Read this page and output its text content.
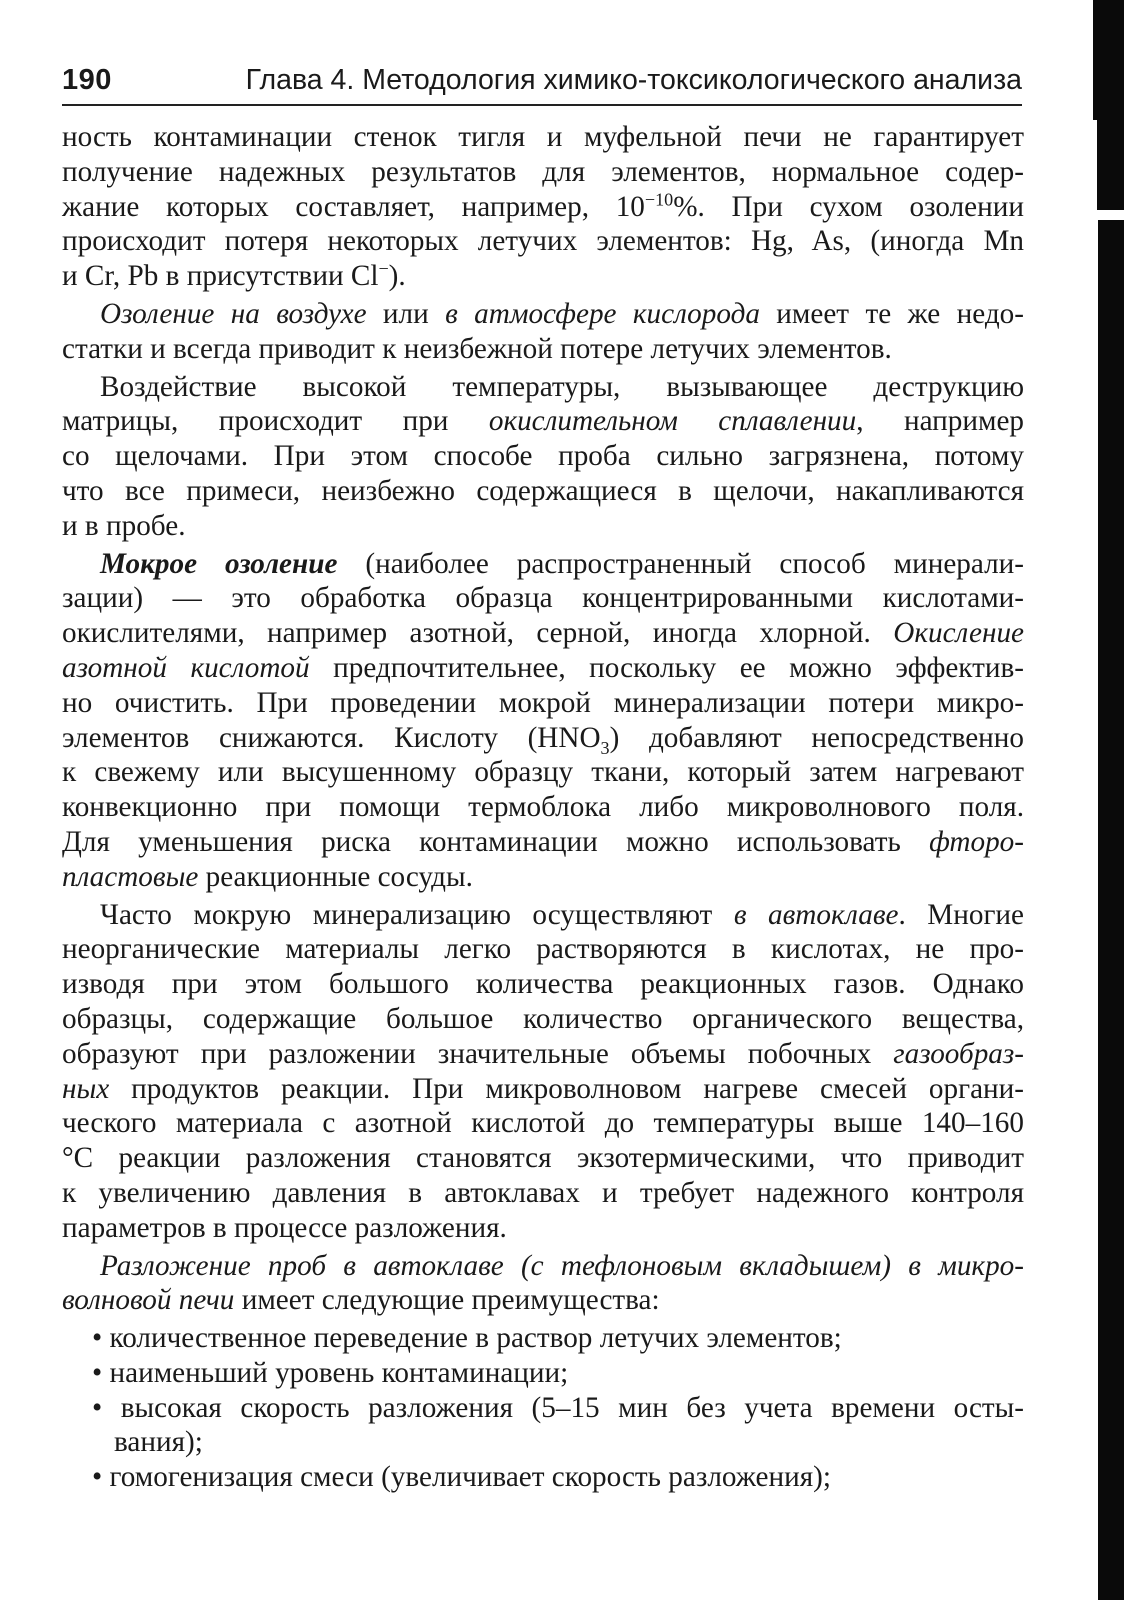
190	Глава 4. Методология химико-токсикологического анализа
ность контаминации стенок тигля и муфельной печи не гарантирует
получение надежных результатов для элементов, нормальное содер-
жание которых составляет, например, $10^{-10}\%$. При сухом озолении
происходит потеря некоторых летучих элементов: Hg, As, (иногда Mn
и Cr, Pb в присутствии Cl−).
Озоление на воздухе или в атмосфере кислорода имеет те же недо-
статки и всегда приводит к неизбежной потере летучих элементов.
Воздействие высокой температуры, вызывающее деструкцию
матрицы, происходит при окислительном сплавлении, например
со щелочами. При этом способе проба сильно загрязнена, потому
что все примеси, неизбежно содержащиеся в щелочи, накапливаются
и в пробе.
Мокрое озоление (наиболее распространенный способ минерали-
зации) — это обработка образца концентрированными кислотами-
окислителями, например азотной, серной, иногда хлорной. Окисление
азотной кислотой предпочтительнее, поскольку ее можно эффектив-
но очистить. При проведении мокрой минерализации потери микро-
элементов снижаются. Кислоту $(HNO_3)$ добавляют непосредственно
к свежему или высушенному образцу ткани, который затем нагревают
конвекционно при помощи термоблока либо микроволнового поля.
Для уменьшения риска контаминации можно использовать фторо-
пластовые реакционные сосуды.
Часто мокрую минерализацию осуществляют в автоклаве. Многие
неорганические материалы легко растворяются в кислотах, не про-
изводя при этом большого количества реакционных газов. Однако
образцы, содержащие большое количество органического вещества,
образуют при разложении значительные объемы побочных газообраз-
ных продуктов реакции. При микроволновом нагреве смесей органи-
ческого материала с азотной кислотой до температуры выше 140–160
°С реакции разложения становятся экзотермическими, что приводит
к увеличению давления в автоклавах и требует надежного контроля
параметров в процессе разложения.
Разложение проб в автоклаве (с тефлоновым вкладышем) в микро-
волновой печи имеет следующие преимущества:
• количественное переведение в раствор летучих элементов;
• наименьший уровень контаминации;
• высокая скорость разложения (5–15 мин без учета времени осты-
вания);
• гомогенизация смеси (увеличивает скорость разложения);
